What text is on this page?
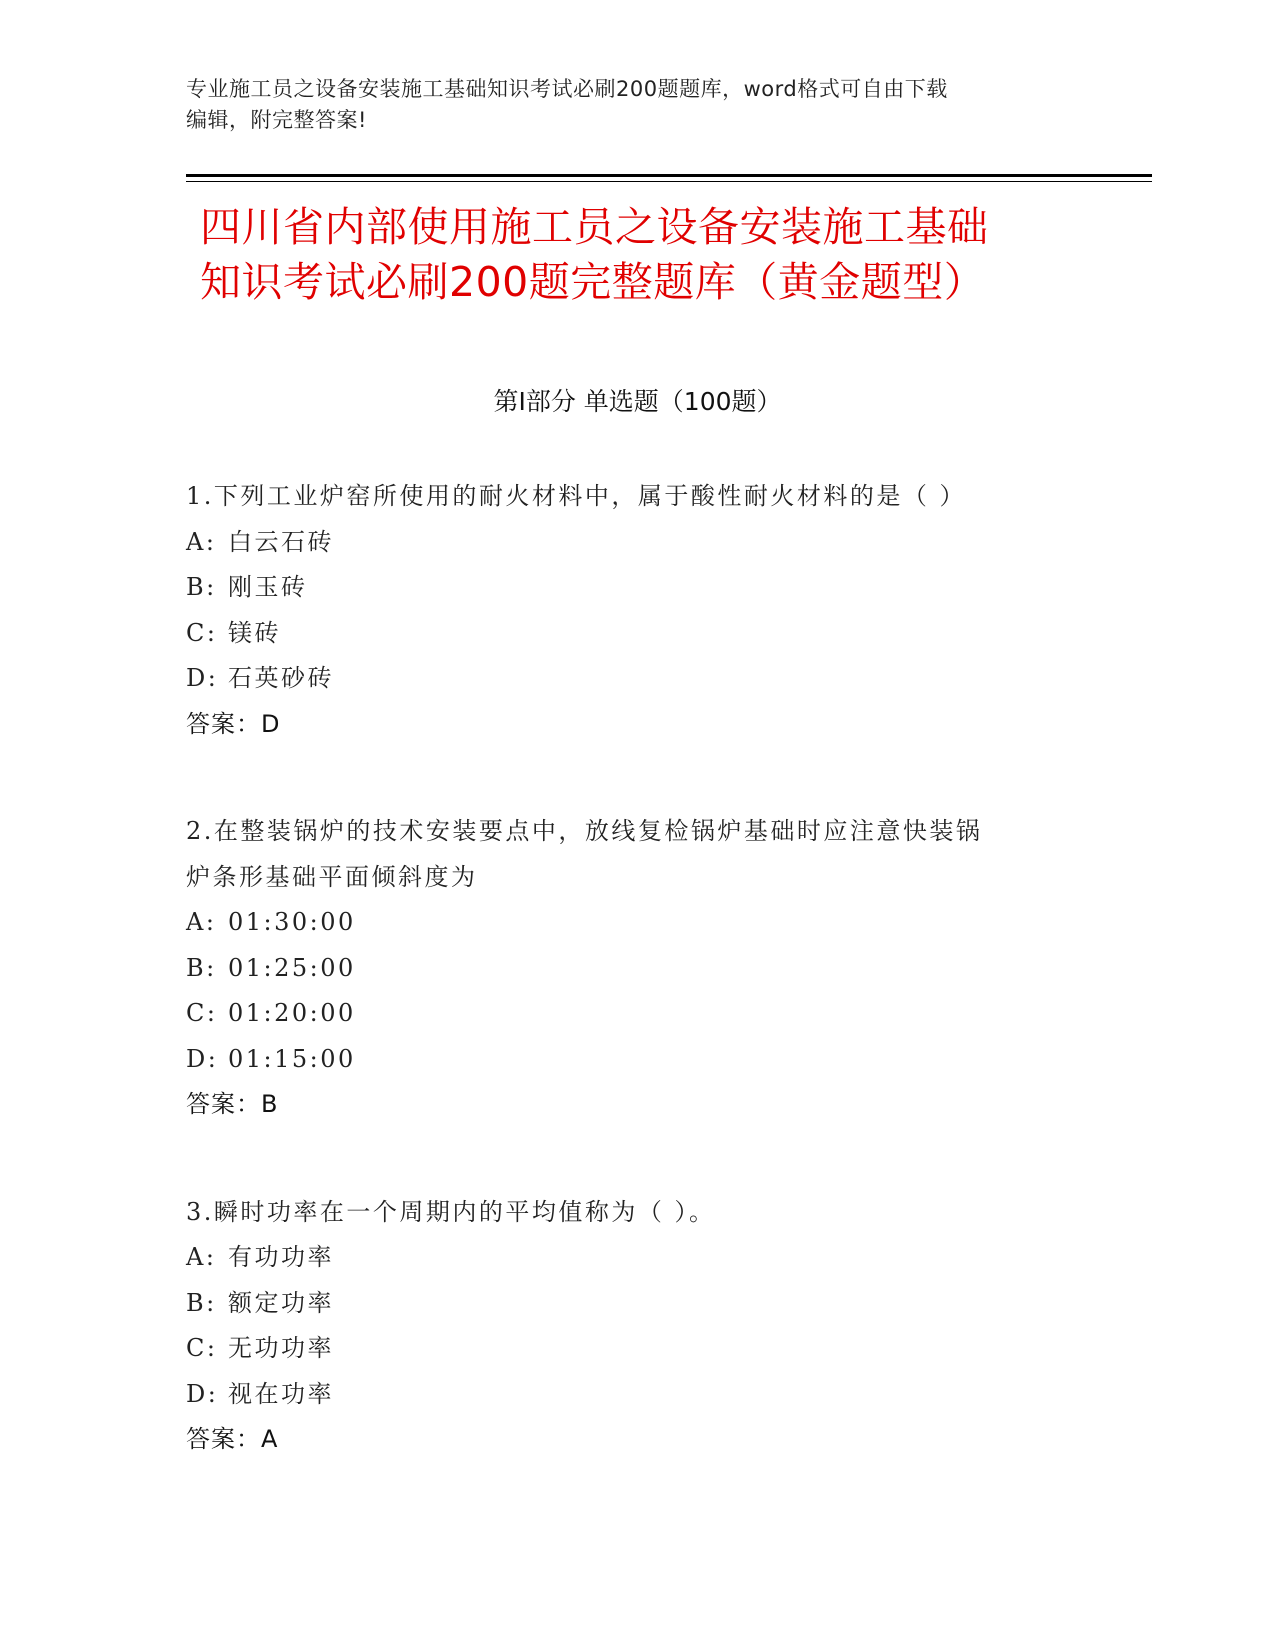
专业施工员之设备安装施工基础知识考试必刷200题题库，word格式可自由下载
编辑，附完整答案!
四川省内部使用施工员之设备安装施工基础
知识考试必刷200题完整题库（黄金题型）
第Ⅰ部分 单选题（100题）
1.下列工业炉窑所使用的耐火材料中，属于酸性耐火材料的是（ ）
A: 白云石砖
B: 刚玉砖
C: 镁砖
D: 石英砂砖
答案：D
2.在整装锅炉的技术安装要点中，放线复检锅炉基础时应注意快装锅
炉条形基础平面倾斜度为
A: 01:30:00
B: 01:25:00
C: 01:20:00
D: 01:15:00
答案：B
3.瞬时功率在一个周期内的平均值称为（ ）。
A: 有功功率
B: 额定功率
C: 无功功率
D: 视在功率
答案：A
